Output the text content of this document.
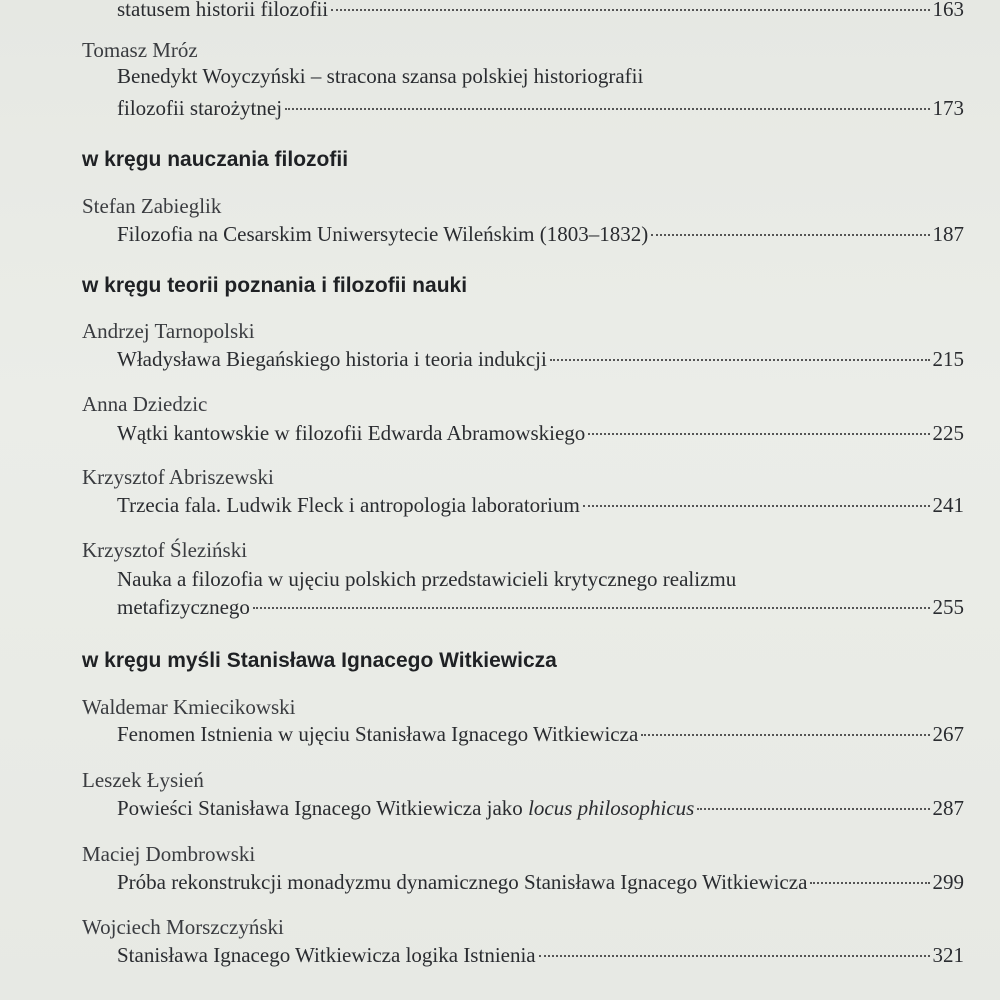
statusem historii filozofii	163
Tomasz Mróz
Benedykt Woyczyński – stracona szansa polskiej historiografii
filozofii starożytnej	173
w kręgu nauczania filozofii
Stefan Zabieglik
Filozofia na Cesarskim Uniwersytecie Wileńskim (1803–1832)	187
w kręgu teorii poznania i filozofii nauki
Andrzej Tarnopolski
Władysława Biegańskiego historia i teoria indukcji	215
Anna Dziedzic
Wątki kantowskie w filozofii Edwarda Abramowskiego	225
Krzysztof Abriszewski
Trzecia fala. Ludwik Fleck i antropologia laboratorium	241
Krzysztof Śleziński
Nauka a filozofia w ujęciu polskich przedstawicieli krytycznego realizmu
metafizycznego	255
w kręgu myśli Stanisława Ignacego Witkiewicza
Waldemar Kmiecikowski
Fenomen Istnienia w ujęciu Stanisława Ignacego Witkiewicza	267
Leszek Łysień
Powieści Stanisława Ignacego Witkiewicza jako locus philosophicus	287
Maciej Dombrowski
Próba rekonstrukcji monadyzmu dynamicznego Stanisława Ignacego Witkiewicza	299
Wojciech Morszczyński
Stanisława Ignacego Witkiewicza logika Istnienia	321
